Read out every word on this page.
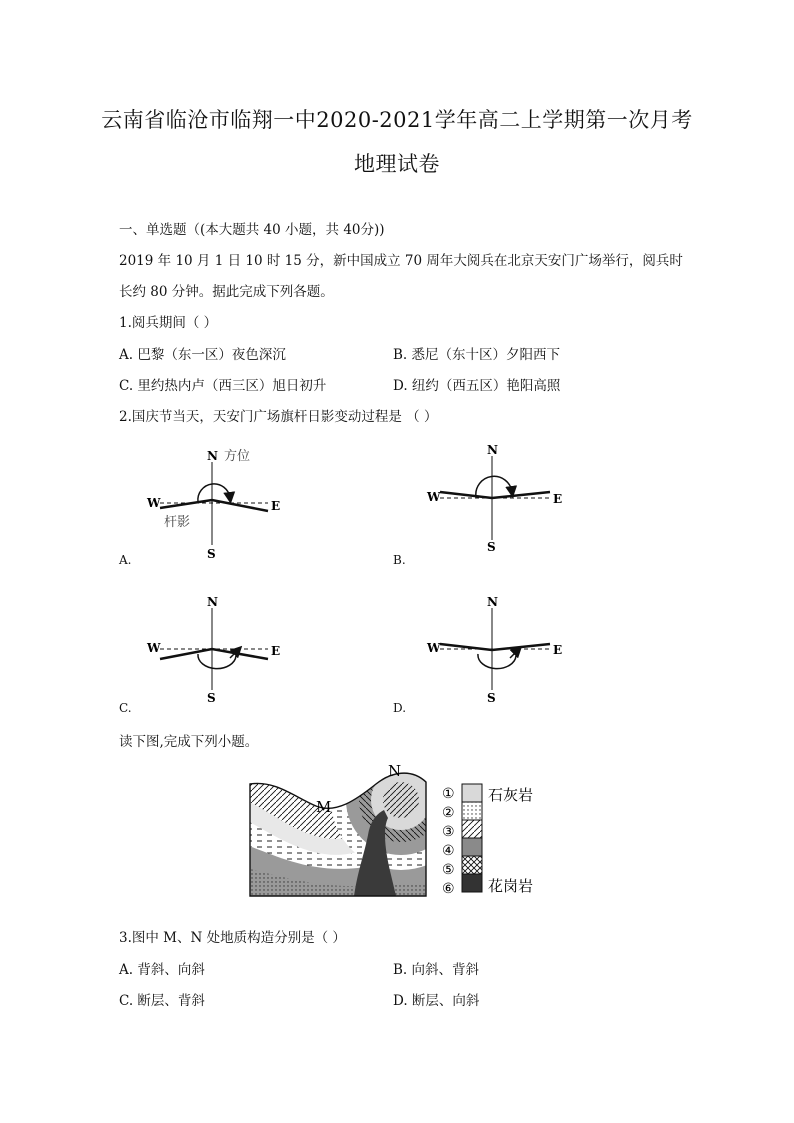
云南省临沧市临翔一中2020-2021学年高二上学期第一次月考
地理试卷
一、单选题（(本大题共 40 小题，共 40分))
2019 年 10 月 1 日 10 时 15 分，新中国成立 70 周年大阅兵在北京天安门广场举行，阅兵时
长约 80 分钟。据此完成下列各题。
1.阅兵期间（ ）
A. 巴黎（东一区）夜色深沉	B. 悉尼（东十区）夕阳西下
C. 里约热内卢（西三区）旭日初升	D. 纽约（西五区）艳阳高照
2.国庆节当天，天安门广场旗杆日影变动过程是 （ ）
N 方位
W	E
杆影
S
A.
N
W	E
S
B.
N
W	E
S
C.
N
W	E
S
D.
读下图,完成下列小题。
M
N
①
②
③
④
⑤
⑥
石灰岩
花岗岩
3.图中 M、N 处地质构造分别是（ ）
A. 背斜、向斜	B. 向斜、背斜
C. 断层、背斜	D. 断层、向斜
